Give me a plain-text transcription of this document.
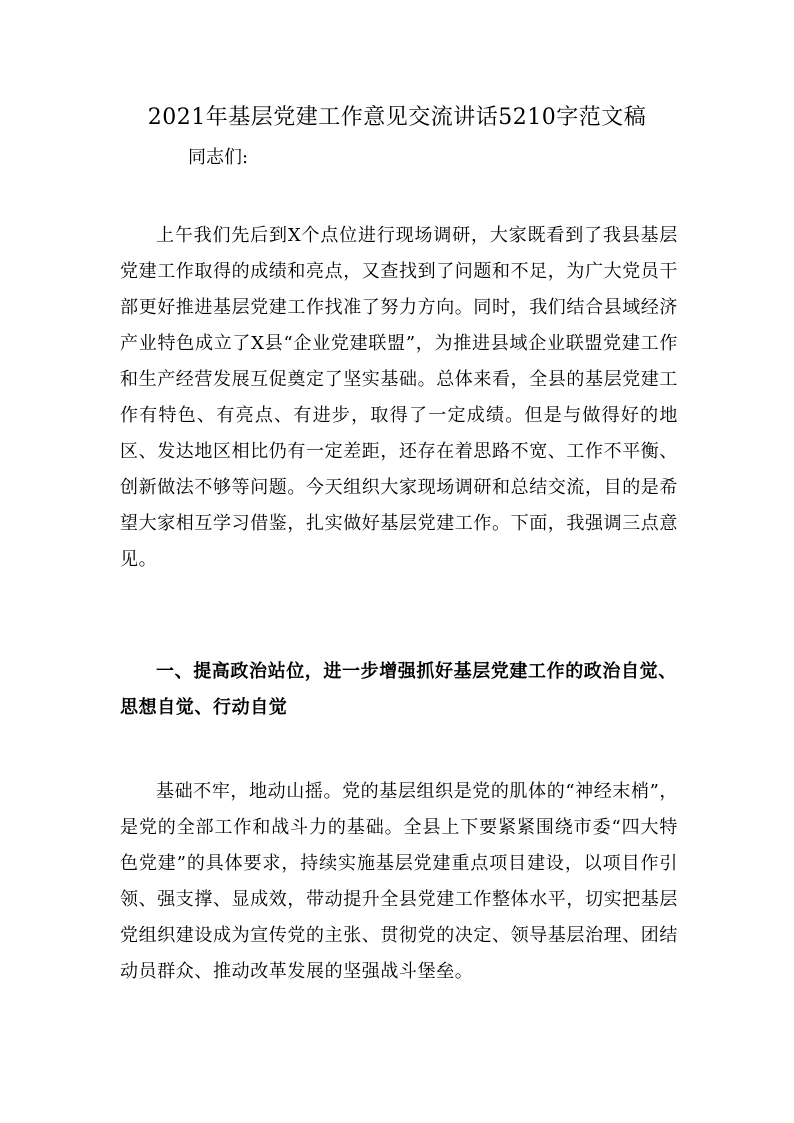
2021年基层党建工作意见交流讲话5210字范文稿

同志们:

上午我们先后到X个点位进行现场调研，大家既看到了我县基层党建工作取得的成绩和亮点，又查找到了问题和不足，为广大党员干部更好推进基层党建工作找准了努力方向。同时，我们结合县域经济产业特色成立了X县“企业党建联盟”，为推进县域企业联盟党建工作和生产经营发展互促奠定了坚实基础。总体来看，全县的基层党建工作有特色、有亮点、有进步，取得了一定成绩。但是与做得好的地区、发达地区相比仍有一定差距，还存在着思路不宽、工作不平衡、创新做法不够等问题。今天组织大家现场调研和总结交流，目的是希望大家相互学习借鉴，扎实做好基层党建工作。下面，我强调三点意见。

一、提高政治站位，进一步增强抓好基层党建工作的政治自觉、思想自觉、行动自觉

基础不牢，地动山摇。党的基层组织是党的肌体的“神经末梢”，是党的全部工作和战斗力的基础。全县上下要紧紧围绕市委“四大特色党建”的具体要求，持续实施基层党建重点项目建设，以项目作引领、强支撑、显成效，带动提升全县党建工作整体水平，切实把基层党组织建设成为宣传党的主张、贯彻党的决定、领导基层治理、团结动员群众、推动改革发展的坚强战斗堡垒。
